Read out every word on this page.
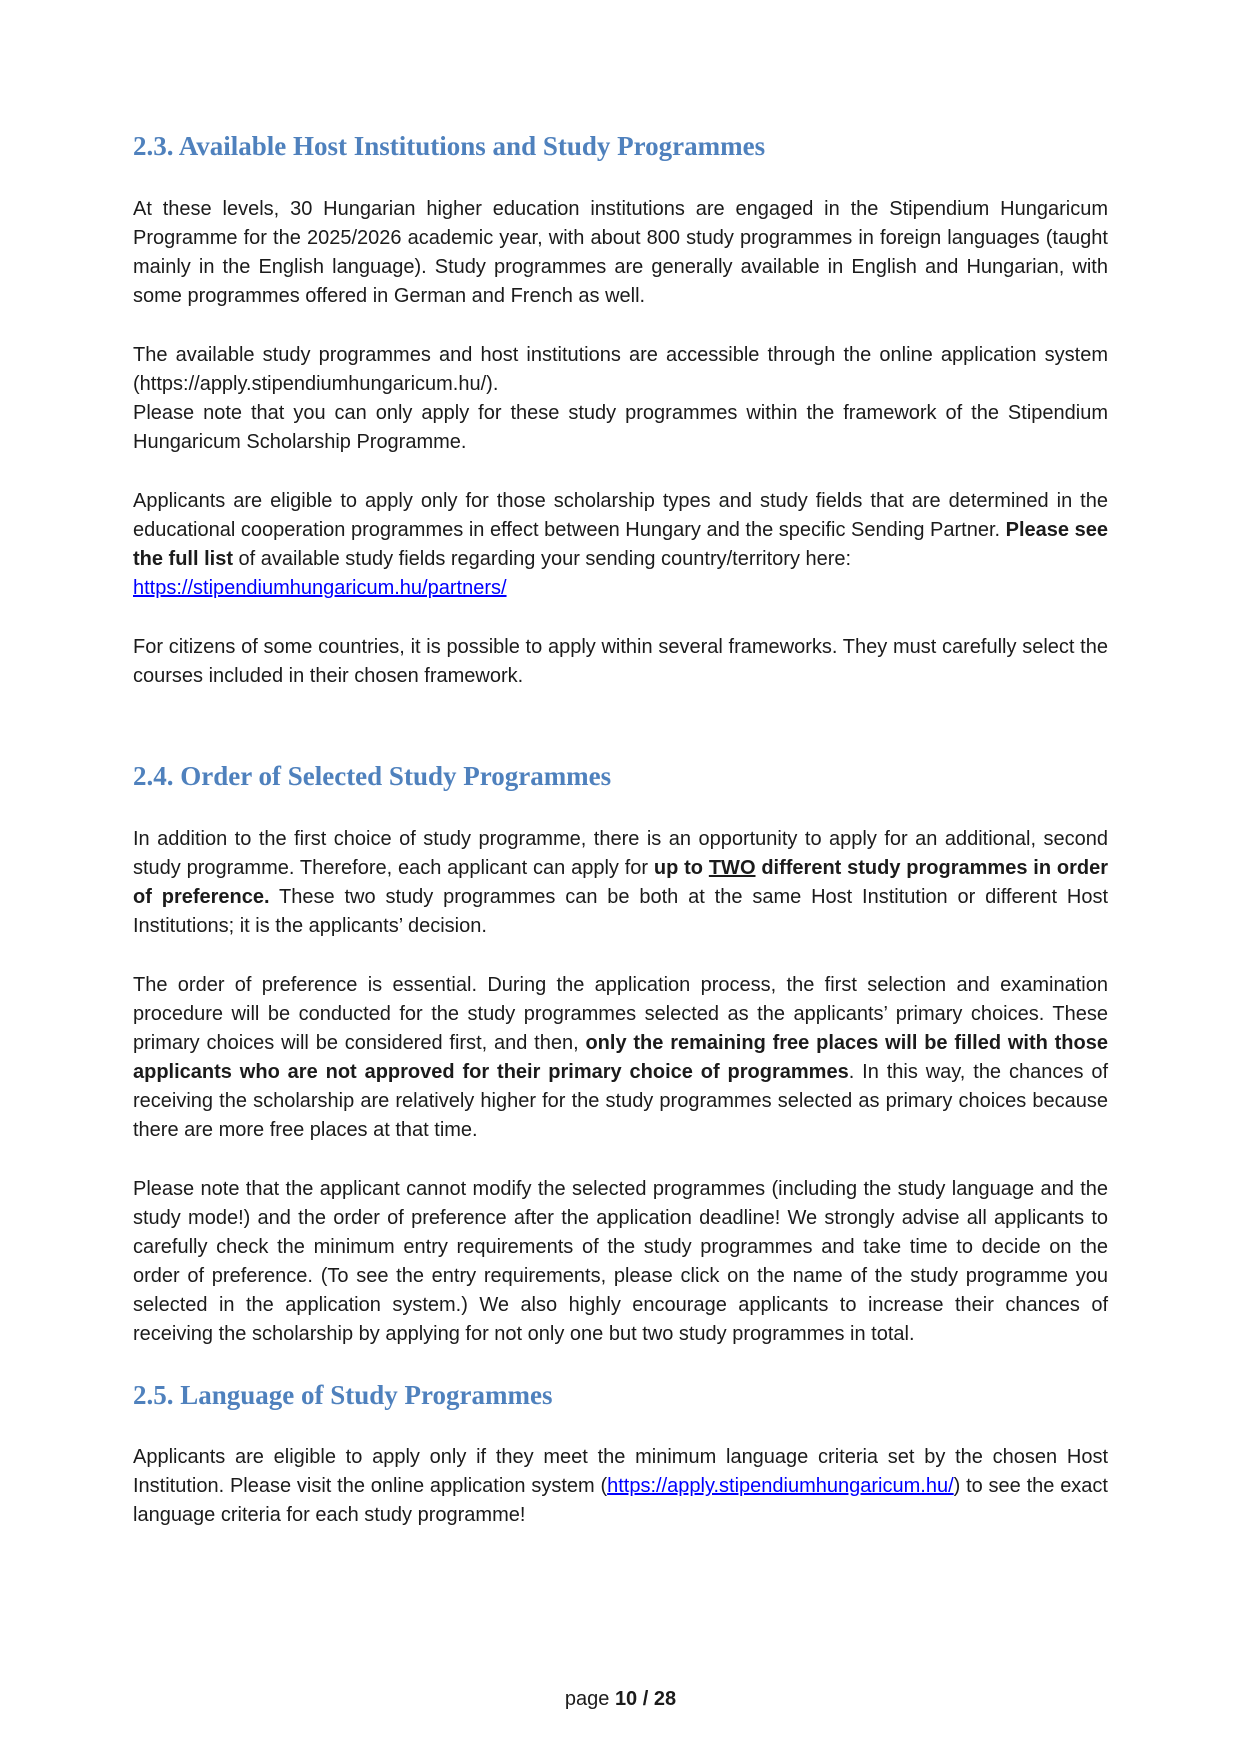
2.3. Available Host Institutions and Study Programmes

At these levels, 30 Hungarian higher education institutions are engaged in the Stipendium Hungaricum Programme for the 2025/2026 academic year, with about 800 study programmes in foreign languages (taught mainly in the English language). Study programmes are generally available in English and Hungarian, with some programmes offered in German and French as well.

The available study programmes and host institutions are accessible through the online application system (https://apply.stipendiumhungaricum.hu/).

Please note that you can only apply for these study programmes within the framework of the Stipendium Hungaricum Scholarship Programme.

Applicants are eligible to apply only for those scholarship types and study fields that are determined in the educational cooperation programmes in effect between Hungary and the specific Sending Partner. Please see the full list of available study fields regarding your sending country/territory here:
https://stipendiumhungaricum.hu/partners/

For citizens of some countries, it is possible to apply within several frameworks. They must carefully select the courses included in their chosen framework.

2.4. Order of Selected Study Programmes

In addition to the first choice of study programme, there is an opportunity to apply for an additional, second study programme. Therefore, each applicant can apply for up to TWO different study programmes in order of preference. These two study programmes can be both at the same Host Institution or different Host Institutions; it is the applicants’ decision.

The order of preference is essential. During the application process, the first selection and examination procedure will be conducted for the study programmes selected as the applicants’ primary choices. These primary choices will be considered first, and then, only the remaining free places will be filled with those applicants who are not approved for their primary choice of programmes. In this way, the chances of receiving the scholarship are relatively higher for the study programmes selected as primary choices because there are more free places at that time.

Please note that the applicant cannot modify the selected programmes (including the study language and the study mode!) and the order of preference after the application deadline! We strongly advise all applicants to carefully check the minimum entry requirements of the study programmes and take time to decide on the order of preference. (To see the entry requirements, please click on the name of the study programme you selected in the application system.) We also highly encourage applicants to increase their chances of receiving the scholarship by applying for not only one but two study programmes in total.

2.5. Language of Study Programmes

Applicants are eligible to apply only if they meet the minimum language criteria set by the chosen Host Institution. Please visit the online application system (https://apply.stipendiumhungaricum.hu/) to see the exact language criteria for each study programme!

page 10 / 28
